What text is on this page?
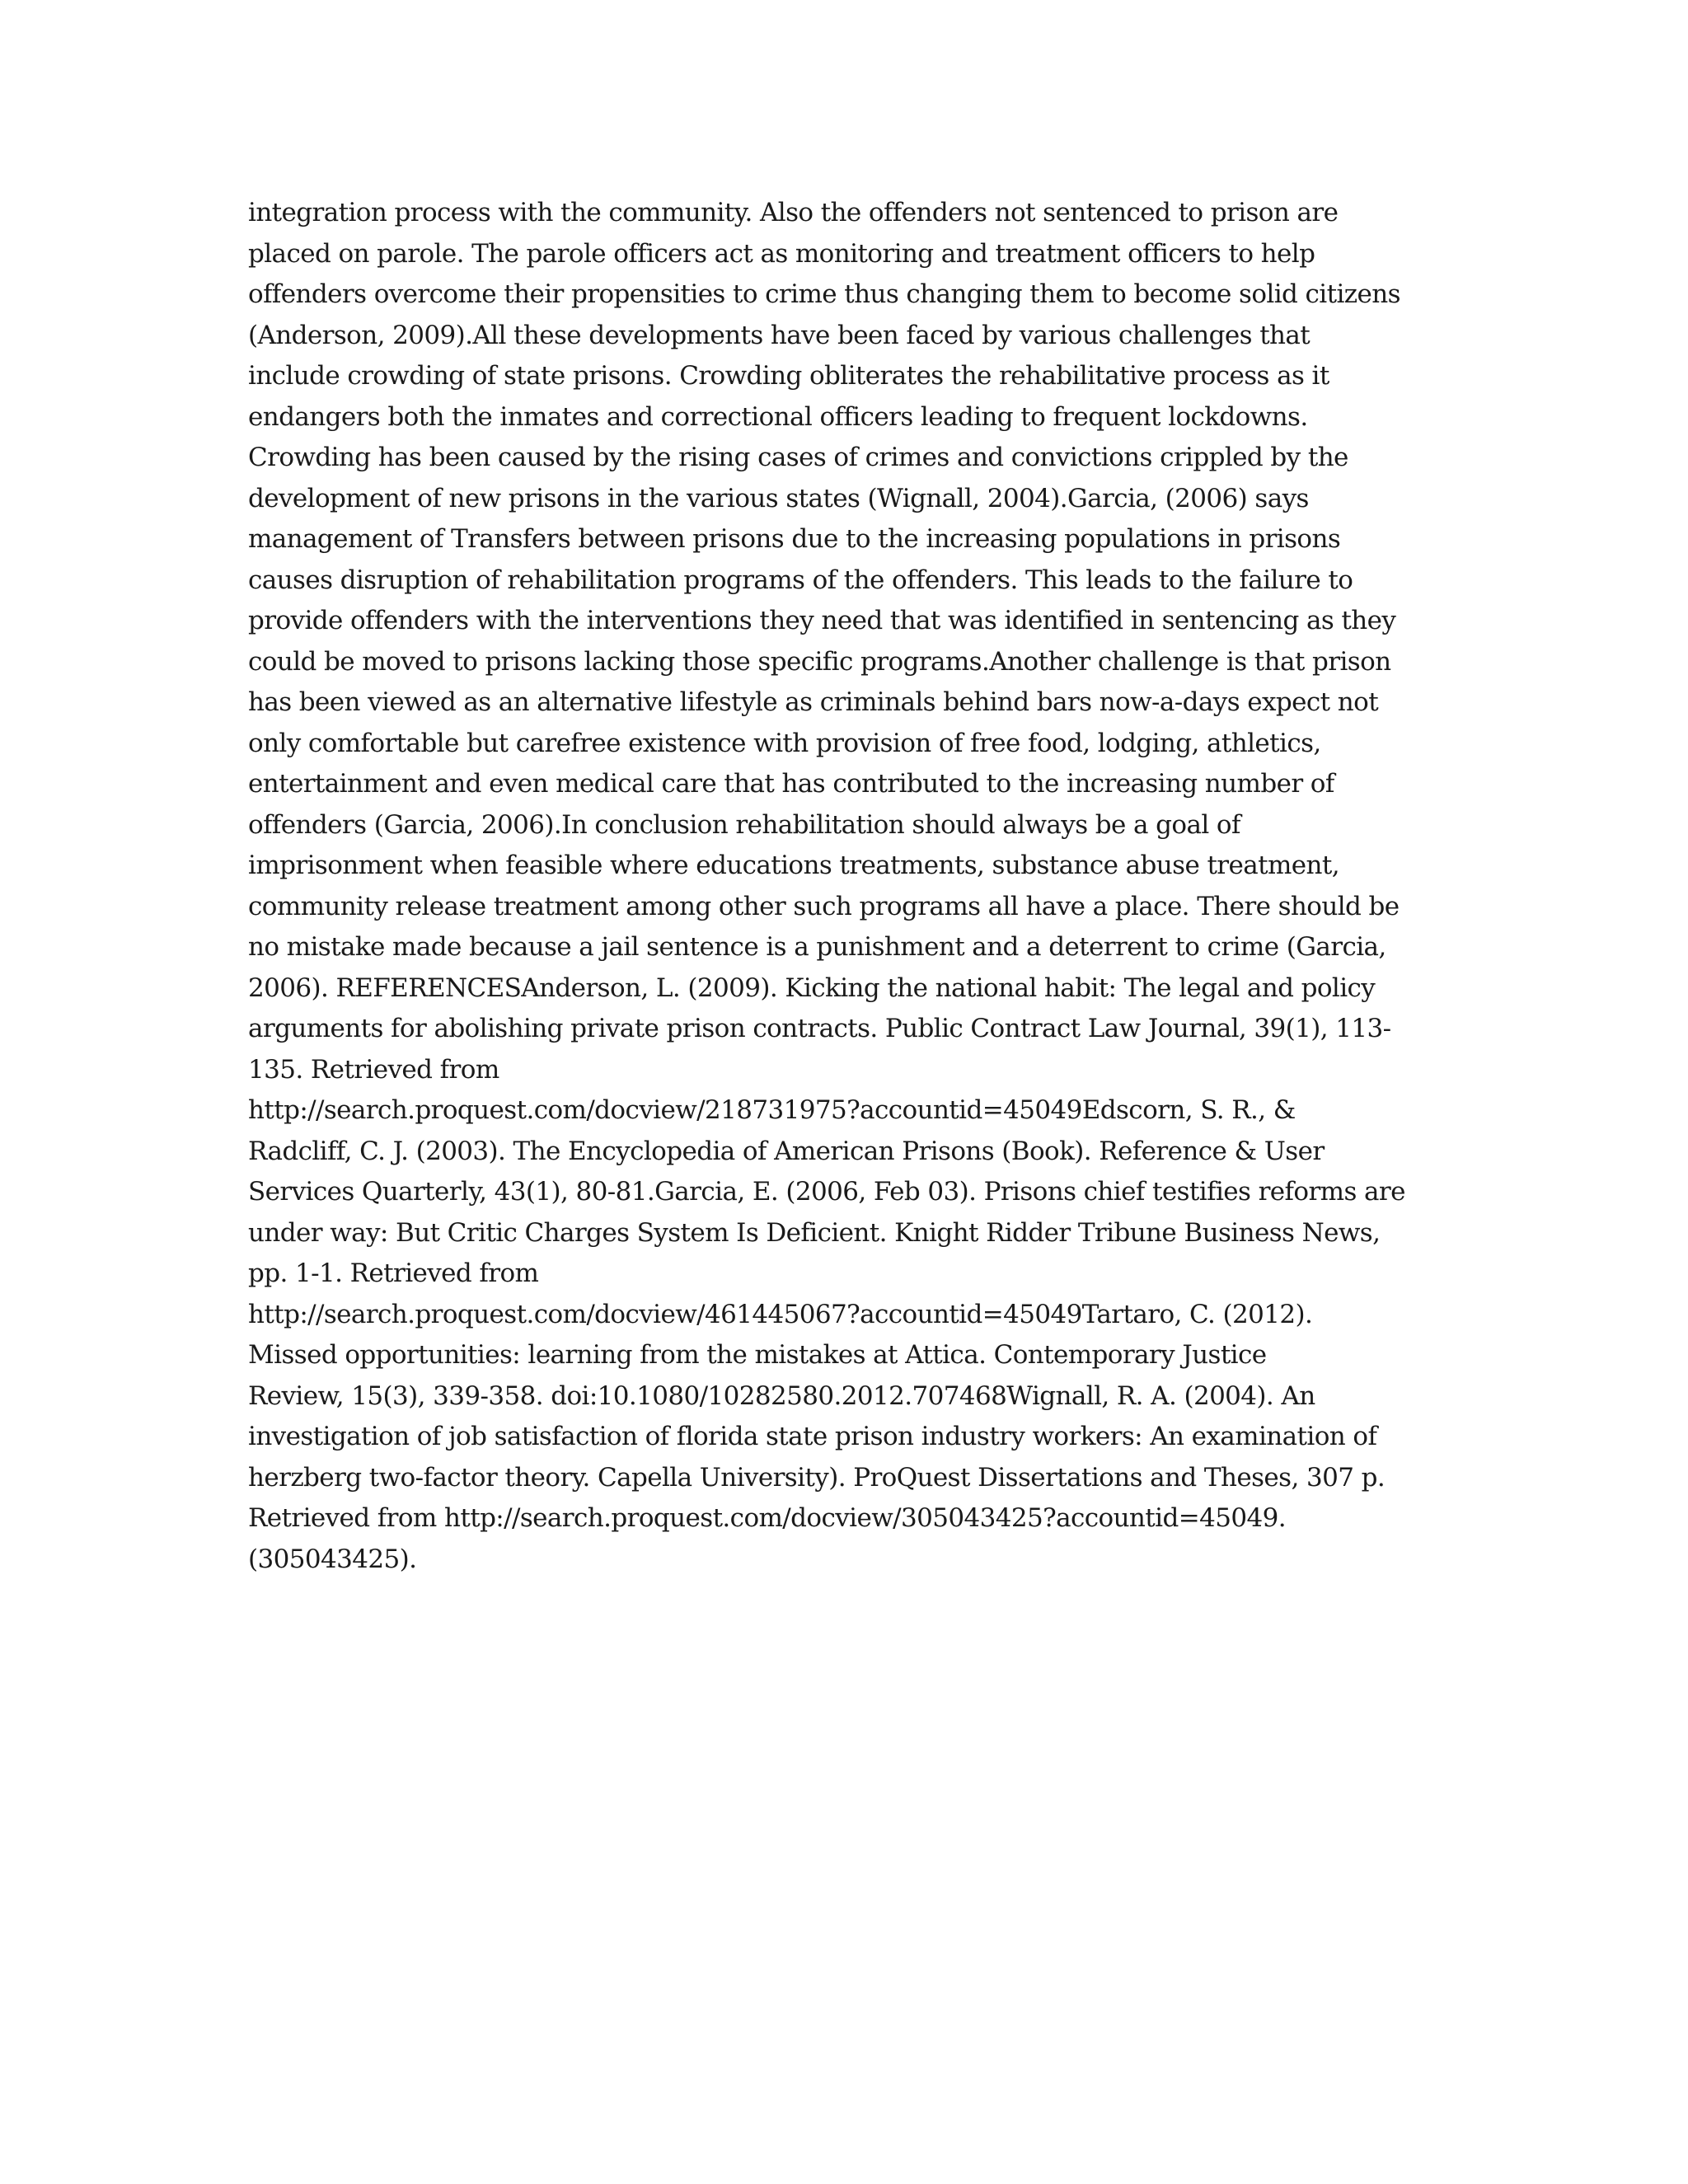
integration process with the community. Also the offenders not sentenced to prison are
placed on parole. The parole officers act as monitoring and treatment officers to help
offenders overcome their propensities to crime thus changing them to become solid citizens
(Anderson, 2009).All these developments have been faced by various challenges that
include crowding of state prisons. Crowding obliterates the rehabilitative process as it
endangers both the inmates and correctional officers leading to frequent lockdowns.
Crowding has been caused by the rising cases of crimes and convictions crippled by the
development of new prisons in the various states (Wignall, 2004).Garcia, (2006) says
management of Transfers between prisons due to the increasing populations in prisons
causes disruption of rehabilitation programs of the offenders. This leads to the failure to
provide offenders with the interventions they need that was identified in sentencing as they
could be moved to prisons lacking those specific programs.Another challenge is that prison
has been viewed as an alternative lifestyle as criminals behind bars now-a-days expect not
only comfortable but carefree existence with provision of free food, lodging, athletics,
entertainment and even medical care that has contributed to the increasing number of
offenders (Garcia, 2006).In conclusion rehabilitation should always be a goal of
imprisonment when feasible where educations treatments, substance abuse treatment,
community release treatment among other such programs all have a place. There should be
no mistake made because a jail sentence is a punishment and a deterrent to crime (Garcia,
2006). REFERENCESAnderson, L. (2009). Kicking the national habit: The legal and policy
arguments for abolishing private prison contracts. Public Contract Law Journal, 39(1), 113-
135. Retrieved from
http://search.proquest.com/docview/218731975?accountid=45049Edscorn, S. R., &
Radcliff, C. J. (2003). The Encyclopedia of American Prisons (Book). Reference & User
Services Quarterly, 43(1), 80-81.Garcia, E. (2006, Feb 03). Prisons chief testifies reforms are
under way: But Critic Charges System Is Deficient. Knight Ridder Tribune Business News,
pp. 1-1. Retrieved from
http://search.proquest.com/docview/461445067?accountid=45049Tartaro, C. (2012).
Missed opportunities: learning from the mistakes at Attica. Contemporary Justice
Review, 15(3), 339-358. doi:10.1080/10282580.2012.707468Wignall, R. A. (2004). An
investigation of job satisfaction of florida state prison industry workers: An examination of
herzberg two-factor theory. Capella University). ProQuest Dissertations and Theses, 307 p.
Retrieved from http://search.proquest.com/docview/305043425?accountid=45049.
(305043425).
